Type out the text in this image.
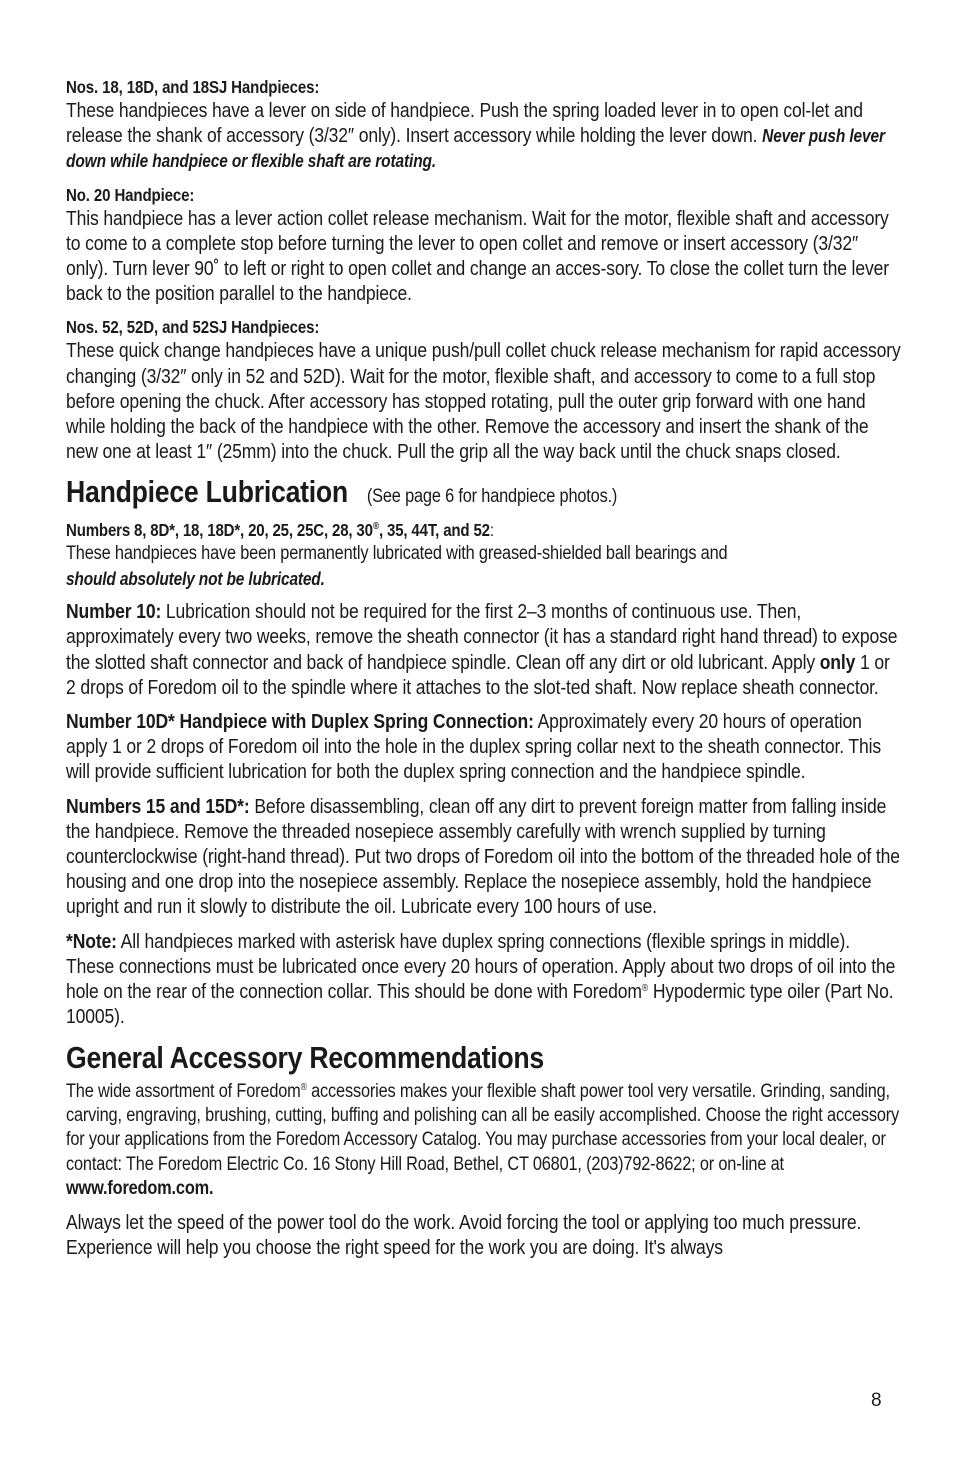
Nos. 18, 18D, and 18SJ Handpieces:

These handpieces have a lever on side of handpiece. Push the spring loaded lever in to open col-let and release the shank of accessory (3/32″ only). Insert accessory while holding the lever down. Never push lever down while handpiece or flexible shaft are rotating.

No. 20 Handpiece:

This handpiece has a lever action collet release mechanism. Wait for the motor, flexible shaft and accessory to come to a complete stop before turning the lever to open collet and remove or insert accessory (3/32″ only). Turn lever 90˚ to left or right to open collet and change an acces-sory. To close the collet turn the lever back to the position parallel to the handpiece.

Nos. 52, 52D, and 52SJ Handpieces:

These quick change handpieces have a unique push/pull collet chuck release mechanism for rapid accessory changing (3/32″ only in 52 and 52D). Wait for the motor, flexible shaft, and accessory to come to a full stop before opening the chuck. After accessory has stopped rotating, pull the outer grip forward with one hand while holding the back of the handpiece with the other. Remove the accessory and insert the shank of the new one at least 1″ (25mm) into the chuck. Pull the grip all the way back until the chuck snaps closed.

Handpiece Lubrication (See page 6 for handpiece photos.)

Numbers 8, 8D*, 18, 18D*, 20, 25, 25C, 28, 30®, 35, 44T, and 52:

These handpieces have been permanently lubricated with greased-shielded ball bearings and

should absolutely not be lubricated.

Number 10: Lubrication should not be required for the first 2–3 months of continuous use. Then, approximately every two weeks, remove the sheath connector (it has a standard right hand thread) to expose the slotted shaft connector and back of handpiece spindle. Clean off any dirt or old lubricant. Apply only 1 or 2 drops of Foredom oil to the spindle where it attaches to the slot-ted shaft. Now replace sheath connector.

Number 10D* Handpiece with Duplex Spring Connection: Approximately every 20 hours of operation apply 1 or 2 drops of Foredom oil into the hole in the duplex spring collar next to the sheath connector. This will provide sufficient lubrication for both the duplex spring connection and the handpiece spindle.

Numbers 15 and 15D*: Before disassembling, clean off any dirt to prevent foreign matter from falling inside the handpiece. Remove the threaded nosepiece assembly carefully with wrench supplied by turning counterclockwise (right-hand thread). Put two drops of Foredom oil into the bottom of the threaded hole of the housing and one drop into the nosepiece assembly. Replace the nosepiece assembly, hold the handpiece upright and run it slowly to distribute the oil. Lubricate every 100 hours of use.

*Note: All handpieces marked with asterisk have duplex spring connections (flexible springs in middle). These connections must be lubricated once every 20 hours of operation. Apply about two drops of oil into the hole on the rear of the connection collar. This should be done with Foredom® Hypodermic type oiler (Part No. 10005).

General Accessory Recommendations

The wide assortment of Foredom® accessories makes your flexible shaft power tool very versatile. Grinding, sanding, carving, engraving, brushing, cutting, buffing and polishing can all be easily accomplished. Choose the right accessory for your applications from the Foredom Accessory Catalog. You may purchase accessories from your local dealer, or contact: The Foredom Electric Co. 16 Stony Hill Road, Bethel, CT 06801, (203)792-8622; or on-line at www.foredom.com.

Always let the speed of the power tool do the work. Avoid forcing the tool or applying too much pressure. Experience will help you choose the right speed for the work you are doing. It's always

8
